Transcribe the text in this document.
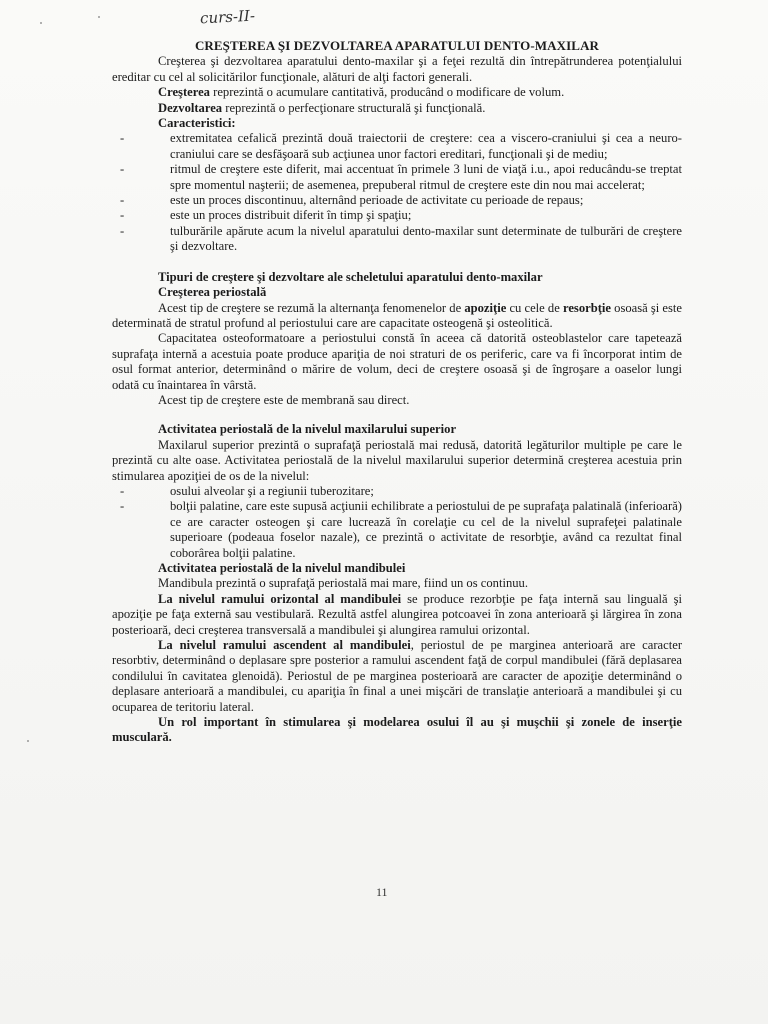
curs-II-
CREŞTEREA ŞI DEZVOLTAREA APARATULUI DENTO-MAXILAR

Creşterea şi dezvoltarea aparatului dento-maxilar şi a feţei rezultă din întrepătrunderea potenţialului ereditar cu cel al solicitărilor funcţionale, alături de alţi factori generali.

Creşterea reprezintă o acumulare cantitativă, producând o modificare de volum.

Dezvoltarea reprezintă o perfecţionare structurală şi funcţională.

Caracteristici:

- extremitatea cefalică prezintă două traiectorii de creştere: cea a viscero-craniului şi cea a neuro-craniului care se desfăşoară sub acţiunea unor factori ereditari, funcţionali şi de mediu;
- ritmul de creştere este diferit, mai accentuat în primele 3 luni de viaţă i.u., apoi reducându-se treptat spre momentul naşterii; de asemenea, prepuberal ritmul de creştere este din nou mai accelerat;
- este un proces discontinuu, alternând perioade de activitate cu perioade de repaus;
- este un proces distribuit diferit în timp şi spaţiu;
- tulburările apărute acum la nivelul aparatului dento-maxilar sunt determinate de tulburări de creştere şi dezvoltare.

Tipuri de creştere şi dezvoltare ale scheletului aparatului dento-maxilar

Creşterea periostală

Acest tip de creştere se rezumă la alternanţa fenomenelor de apoziţie cu cele de resorbţie osoasă şi este determinată de stratul profund al periostului care are capacitate osteogenă şi osteolitică.

Capacitatea osteoformatoare a periostului constă în aceea că datorită osteoblastelor care tapetează suprafaţa internă a acestuia poate produce apariţia de noi straturi de os periferic, care va fi încorporat intim de osul format anterior, determinând o mărire de volum, deci de creştere osoasă şi de îngroşare a oaselor lungi odată cu înaintarea în vârstă.

Acest tip de creştere este de membrană sau direct.

Activitatea periostală de la nivelul maxilarului superior

Maxilarul superior prezintă o suprafaţă periostală mai redusă, datorită legăturilor multiple pe care le prezintă cu alte oase. Activitatea periostală de la nivelul maxilarului superior determină creşterea acestuia prin stimularea apoziţiei de os de la nivelul:

- osului alveolar şi a regiunii tuberozitare;
- bolţii palatine, care este supusă acţiunii echilibrate a periostului de pe suprafaţa palatinală (inferioară) ce are caracter osteogen şi care lucrează în corelaţie cu cel de la nivelul suprafeţei palatinale superioare (podeaua foselor nazale), ce prezintă o activitate de resorbţie, având ca rezultat final coborârea bolţii palatine.

Activitatea periostală de la nivelul mandibulei

Mandibula prezintă o suprafaţă periostală mai mare, fiind un os continuu.

La nivelul ramului orizontal al mandibulei se produce rezorbţie pe faţa internă sau linguală şi apoziţie pe faţa externă sau vestibulară. Rezultă astfel alungirea potcoavei în zona anterioară şi lărgirea în zona posterioară, deci creşterea transversală a mandibulei şi alungirea ramului orizontal.

La nivelul ramului ascendent al mandibulei, periostul de pe marginea anterioară are caracter resorbtiv, determinând o deplasare spre posterior a ramului ascendent faţă de corpul mandibulei (fără deplasarea condilului în cavitatea glenoidă). Periostul de pe marginea posterioară are caracter de apoziţie determinând o deplasare anterioară a mandibulei, cu apariţia în final a unei mişcări de translaţie anterioară a mandibulei şi cu ocuparea de teritoriu lateral.

Un rol important în stimularea şi modelarea osului îl au şi muşchii şi zonele de inserţie musculară.

11
